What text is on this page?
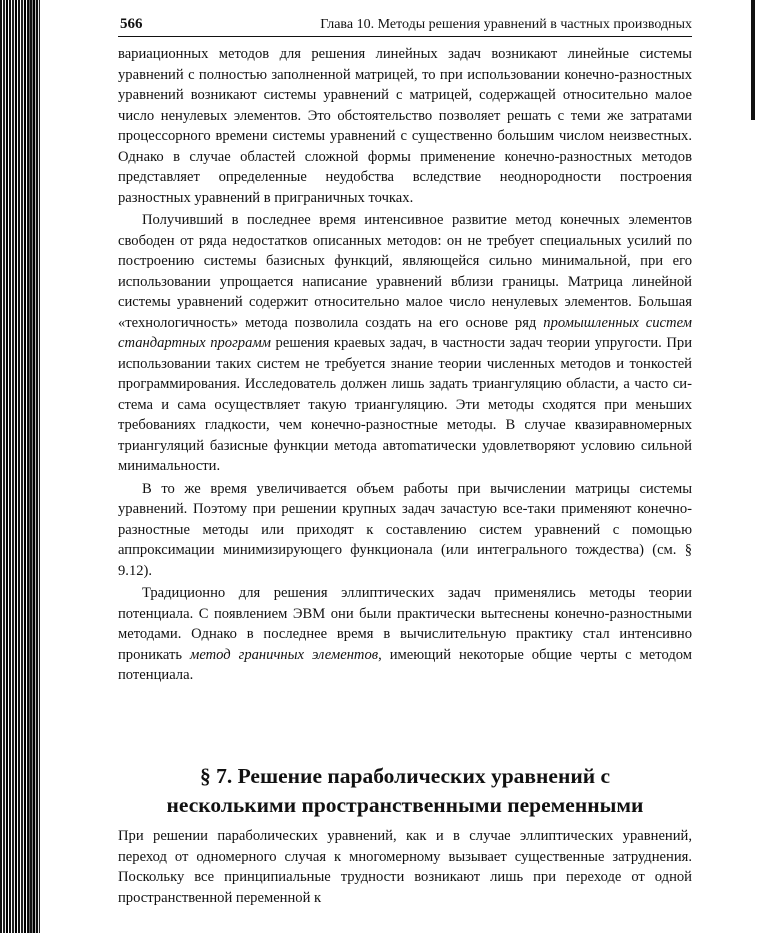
566	Глава 10. Методы решения уравнений в частных производных

вариационных методов для решения линейных задач возникают линейные системы уравнений с полностью заполненной матрицей, то при использовании конечно-разностных уравнений возникают системы уравнений с матрицей, содержащей относительно малое число ненулевых элементов. Это обстоятельство позволяет решать с теми же затратами процессорного времени системы уравнений с существенно большим числом неизвестных. Однако в случае областей сложной формы применение конечно-разностных методов представляет определенные неудобства вследствие неоднородности построения разностных уравнений в приграничных точках.

Получивший в последнее время интенсивное развитие метод конечных элементов свободен от ряда недостатков описанных методов: он не требует специальных усилий по построению системы базисных функций, являющейся сильно минимальной, при его использовании упрощается написание уравнений вблизи границы. Матрица линейной системы уравнений содержит относительно малое число ненулевых элементов. Большая «технологичность» метода позволила создать на его основе ряд промышленных систем стандартных программ решения краевых задач, в частности задач теории упругости. При использовании таких систем не требуется знание теории численных методов и тонкостей программирования. Исследователь должен лишь задать триангуляцию области, а часто система и сама осуществляет такую триангуляцию. Эти методы сходятся при меньших требованиях гладкости, чем конечно-разностные методы. В случае квазиравномерных триангуляций базисные функции метода автоmатически удовлетворяют условию сильной минимальности.

В то же время увеличивается объем работы при вычислении матрицы системы уравнений. Поэтому при решении крупных задач зачастую все-таки применяют конечно-разностные методы или приходят к составлению систем уравнений с помощью аппроксимации минимизирующего функционала (или интегрального тождества) (см. § 9.12).

Традиционно для решения эллиптических задач применялись методы теории потенциала. С появлением ЭВМ они были практически вытеснены конечно-разностными методами. Однако в последнее время в вычислительную практику стал интенсивно проникать метод граничных элементов, имеющий некоторые общие черты с методом потенциала.

§ 7. Решение параболических уравнений с
несколькими пространственными переменными

При решении параболических уравнений, как и в случае эллиптических уравнений, переход от одномерного случая к многомерному вызывает существенные затруднения. Поскольку все принципиальные трудности возникают лишь при переходе от одной пространственной переменной к
